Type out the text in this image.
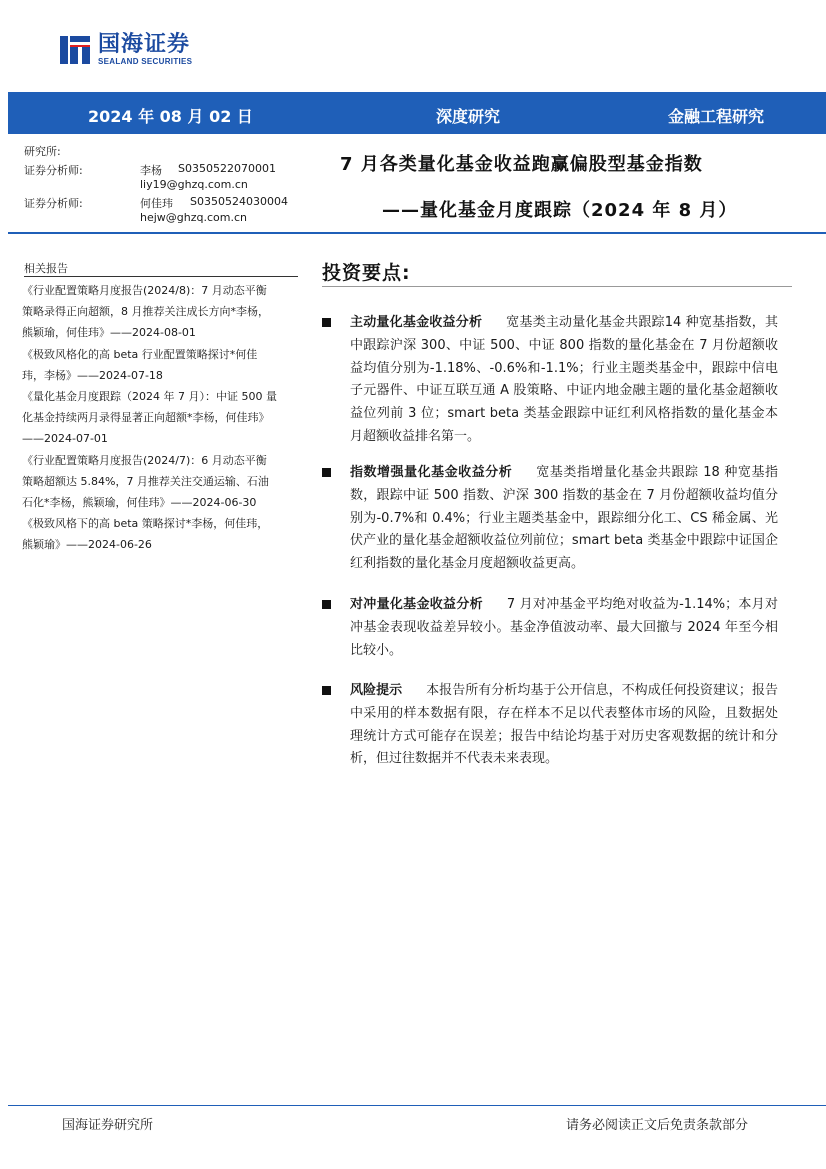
国海证券
SEALAND SECURITIES
2024 年 08 月 02 日	深度研究	金融工程研究
研究所:
证券分析师:	李杨 S0350522070001
liy19@ghzq.com.cn
证券分析师:	何佳玮 S0350524030004
hejw@ghzq.com.cn
7 月各类量化基金收益跑赢偏股型基金指数
——量化基金月度跟踪（2024 年 8 月）
相关报告

《行业配置策略月度报告(2024/8)：7 月动态平衡

策略录得正向超额，8 月推荐关注成长方向*李杨，

熊颖瑜，何佳玮》——2024-08-01

《极致风格化的高 beta 行业配置策略探讨*何佳

玮，李杨》——2024-07-18

《量化基金月度跟踪（2024 年 7 月）：中证 500 量

化基金持续两月录得显著正向超额*李杨，何佳玮》

——2024-07-01

《行业配置策略月度报告(2024/7)：6 月动态平衡

策略超额达 5.84%，7 月推荐关注交通运输、石油

石化*李杨，熊颖瑜，何佳玮》——2024-06-30

《极致风格下的高 beta 策略探讨*李杨，何佳玮，

熊颖瑜》——2024-06-26

投资要点:
主动量化基金收益分析 宽基类主动量化基金共跟踪14 种宽基指数，其中跟踪沪深 300、中证 500、中证 800 指数的量化基金在 7 月份超额收益均值分别为-1.18%、-0.6%和-1.1%；行业主题类基金中，跟踪中信电子元器件、中证互联互通 A 股策略、中证内地金融主题的量化基金超额收益位列前 3 位；smart beta 类基金跟踪中证红利风格指数的量化基金本月超额收益排名第一。
指数增强量化基金收益分析 宽基类指增量化基金共跟踪 18 种宽基指数，跟踪中证 500 指数、沪深 300 指数的基金在 7 月份超额收益均值分别为-0.7%和 0.4%；行业主题类基金中，跟踪细分化工、CS 稀金属、光伏产业的量化基金超额收益位列前位；smart beta 类基金中跟踪中证国企红利指数的量化基金月度超额收益更高。
对冲量化基金收益分析 7 月对冲基金平均绝对收益为-1.14%；本月对冲基金表现收益差异较小。基金净值波动率、最大回撤与 2024 年至今相比较小。
风险提示 本报告所有分析均基于公开信息，不构成任何投资建议；报告中采用的样本数据有限，存在样本不足以代表整体市场的风险，且数据处理统计方式可能存在误差；报告中结论均基于对历史客观数据的统计和分析，但过往数据并不代表未来表现。
国海证券研究所	请务必阅读正文后免责条款部分
